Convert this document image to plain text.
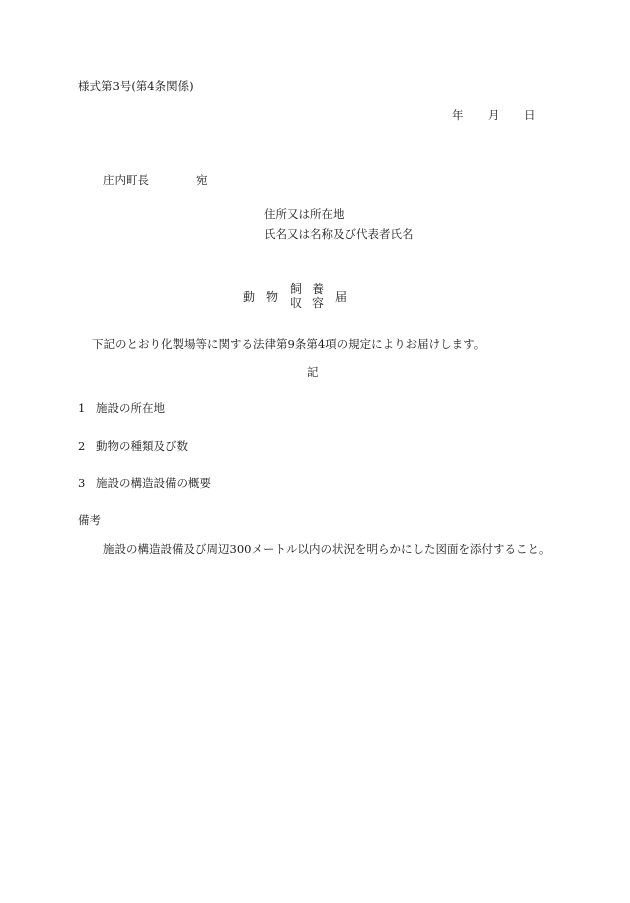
様式第3号(第4条関係)
年 月 日
庄内町長	宛
住所又は所在地
氏名又は名称及び代表者氏名
動 物
飼 養
収 容 届
下記のとおり化製場等に関する法律第9条第4項の規定によりお届けします。
記
1 施設の所在地
2 動物の種類及び数
3 施設の構造設備の概要
備考
施設の構造設備及び周辺300メートル以内の状況を明らかにした図面を添付すること。
